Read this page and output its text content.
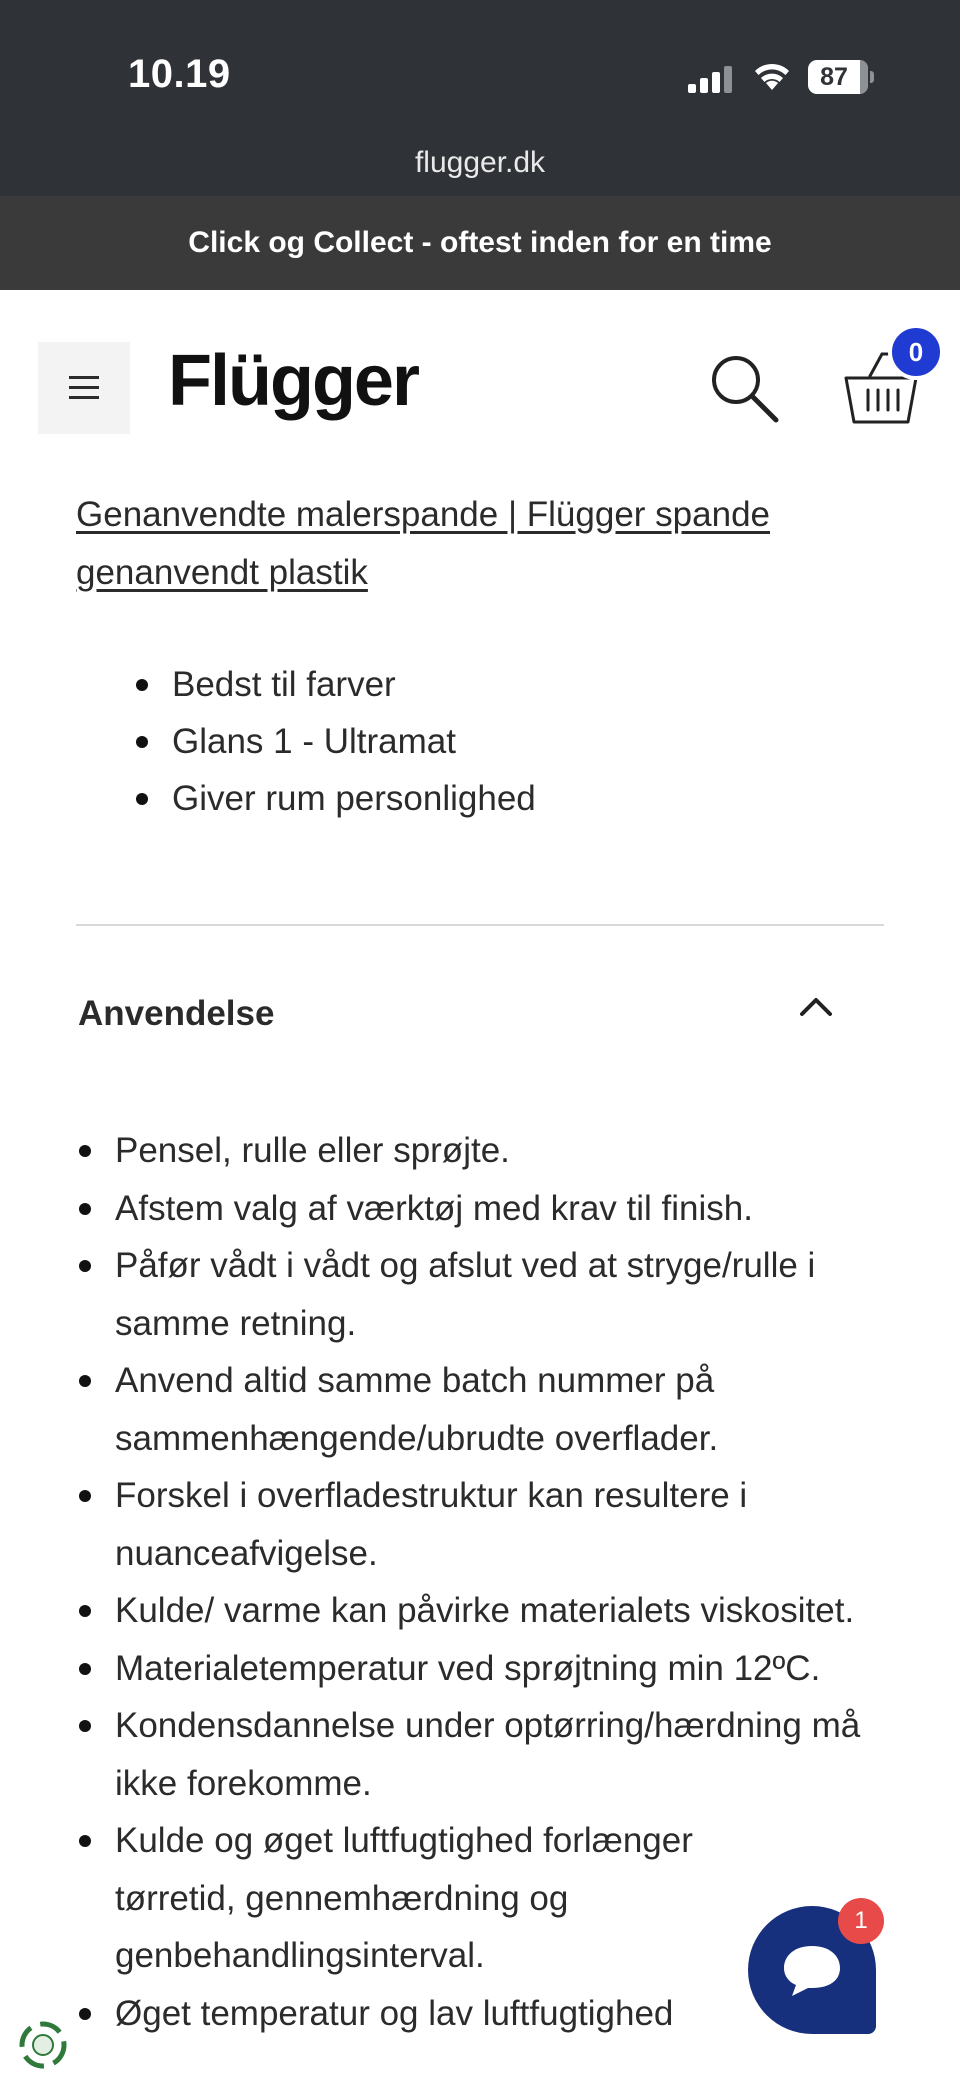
10.19	87
flugger.dk
Click og Collect - oftest inden for en time
Flügger	0
Genanvendte malerspande | Flügger spande genanvendt plastik
Bedst til farver
Glans 1 - Ultramat
Giver rum personlighed
Anvendelse
Pensel, rulle eller sprøjte.
Afstem valg af værktøj med krav til finish.
Påfør vådt i vådt og afslut ved at stryge/rulle i samme retning.
Anvend altid samme batch nummer på sammenhængende/ubrudte overflader.
Forskel i overfladestruktur kan resultere i nuanceafvigelse.
Kulde/ varme kan påvirke materialets viskositet.
Materialetemperatur ved sprøjtning min 12ºC.
Kondensdannelse under optørring/hærdning må ikke forekomme.
Kulde og øget luftfugtighed forlænger tørretid, gennemhærdning og genbehandlingsinterval.
Øget temperatur og lav luftfugtighed
1
